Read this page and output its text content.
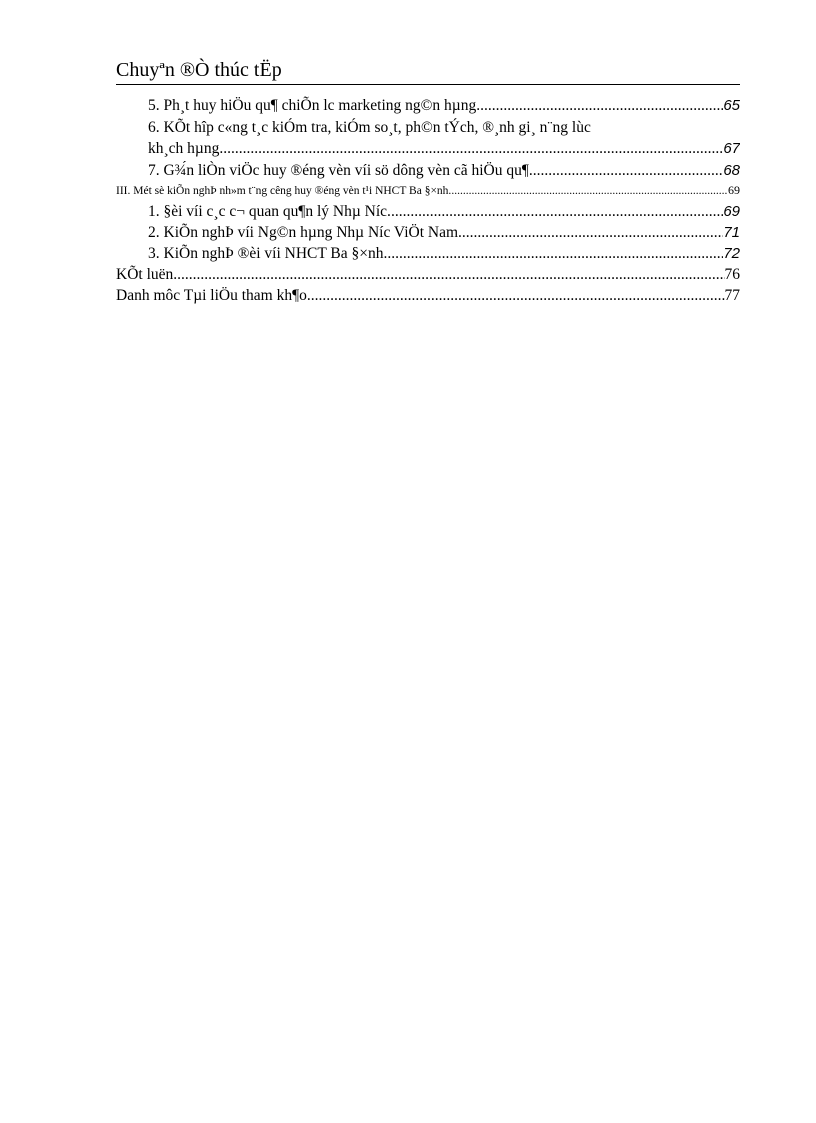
Chuyªn ®Ò thúc tËp
5. Ph¸t huy hiÖu qu¶ chiÕn lc marketing ng©n hµng. .....	65
6. KÕt hîp c«ng t¸c kiÓm tra, kiÓm so¸t, ph©n tÝch, ®¸nh gi¸ n¨ng lùc
kh¸ch hµng. .....	67
7. G¾́n liÒn viÖc huy ®éng vèn víi sö dông vèn cã hiÖu qu¶ .....	68
III. Mét sè kiÕn nghÞ nh»m t¨ng cêng huy ®éng vèn t¹i NHCT Ba §×nh. .....	69
1. §èi víi c¸c c¬ quan qu¶n lý Nhµ Níc. .....	69
2. KiÕn nghÞ víi Ng©n hµng Nhµ Níc ViÖt Nam .....	71
3. KiÕn nghÞ ®èi víi NHCT Ba §×nh. .....	72
KÕt luën .....	76
Danh môc Tµi liÖu tham kh¶o .....	77
